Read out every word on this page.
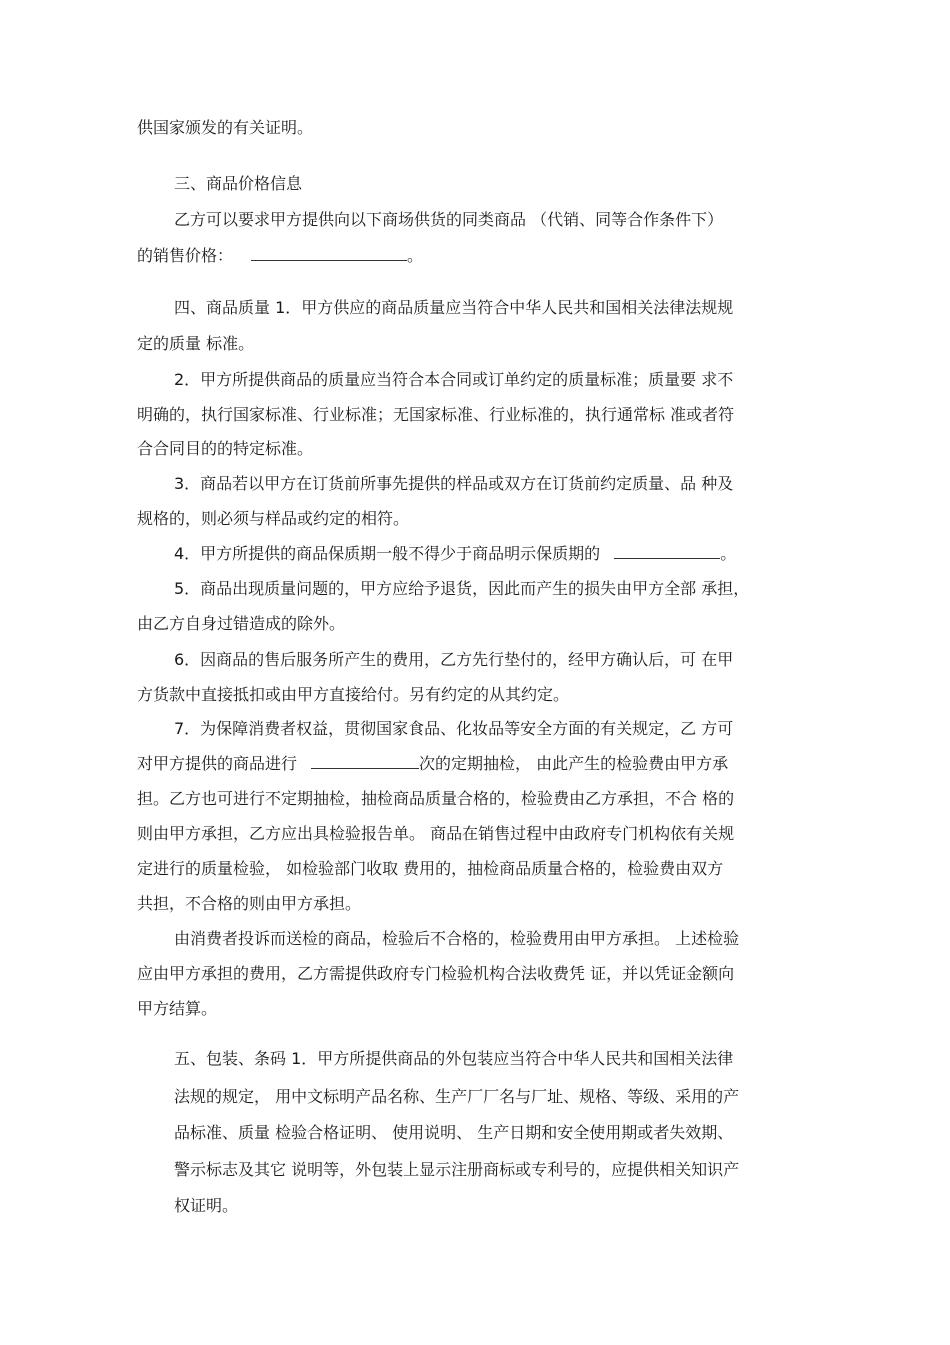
供国家颁发的有关证明。
三、商品价格信息
乙方可以要求甲方提供向以下商场供货的同类商品 （代销、同等合作条件下）
的销售价格：	。
四、商品质量 1．甲方供应的商品质量应当符合中华人民共和国相关法律法规规
定的质量 标准。
2．甲方所提供商品的质量应当符合本合同或订单约定的质量标准；质量要 求不
明确的，执行国家标准、行业标准；无国家标准、行业标准的，执行通常标 准或者符
合合同目的的特定标准。
3．商品若以甲方在订货前所事先提供的样品或双方在订货前约定质量、品 种及
规格的，则必须与样品或约定的相符。
4．甲方所提供的商品保质期一般不得少于商品明示保质期的	。
5．商品出现质量问题的，甲方应给予退货，因此而产生的损失由甲方全部 承担，
由乙方自身过错造成的除外。
6．因商品的售后服务所产生的费用，乙方先行垫付的，经甲方确认后，可 在甲
方货款中直接抵扣或由甲方直接给付。另有约定的从其约定。
7．为保障消费者权益，贯彻国家食品、化妆品等安全方面的有关规定，乙 方可
对甲方提供的商品进行	次的定期抽检， 由此产生的检验费由甲方承
担。乙方也可进行不定期抽检，抽检商品质量合格的，检验费由乙方承担，不合 格的
则由甲方承担，乙方应出具检验报告单。 商品在销售过程中由政府专门机构依有关规
定进行的质量检验， 如检验部门收取 费用的，抽检商品质量合格的，检验费由双方
共担，不合格的则由甲方承担。
由消费者投诉而送检的商品，检验后不合格的，检验费用由甲方承担。 上述检验
应由甲方承担的费用，乙方需提供政府专门检验机构合法收费凭 证，并以凭证金额向
甲方结算。
五、包装、条码 1．甲方所提供商品的外包装应当符合中华人民共和国相关法律
法规的规定， 用中文标明产品名称、生产厂厂名与厂址、规格、等级、采用的产
品标准、质量 检验合格证明、 使用说明、 生产日期和安全使用期或者失效期、
警示标志及其它 说明等，外包装上显示注册商标或专利号的，应提供相关知识产
权证明。
